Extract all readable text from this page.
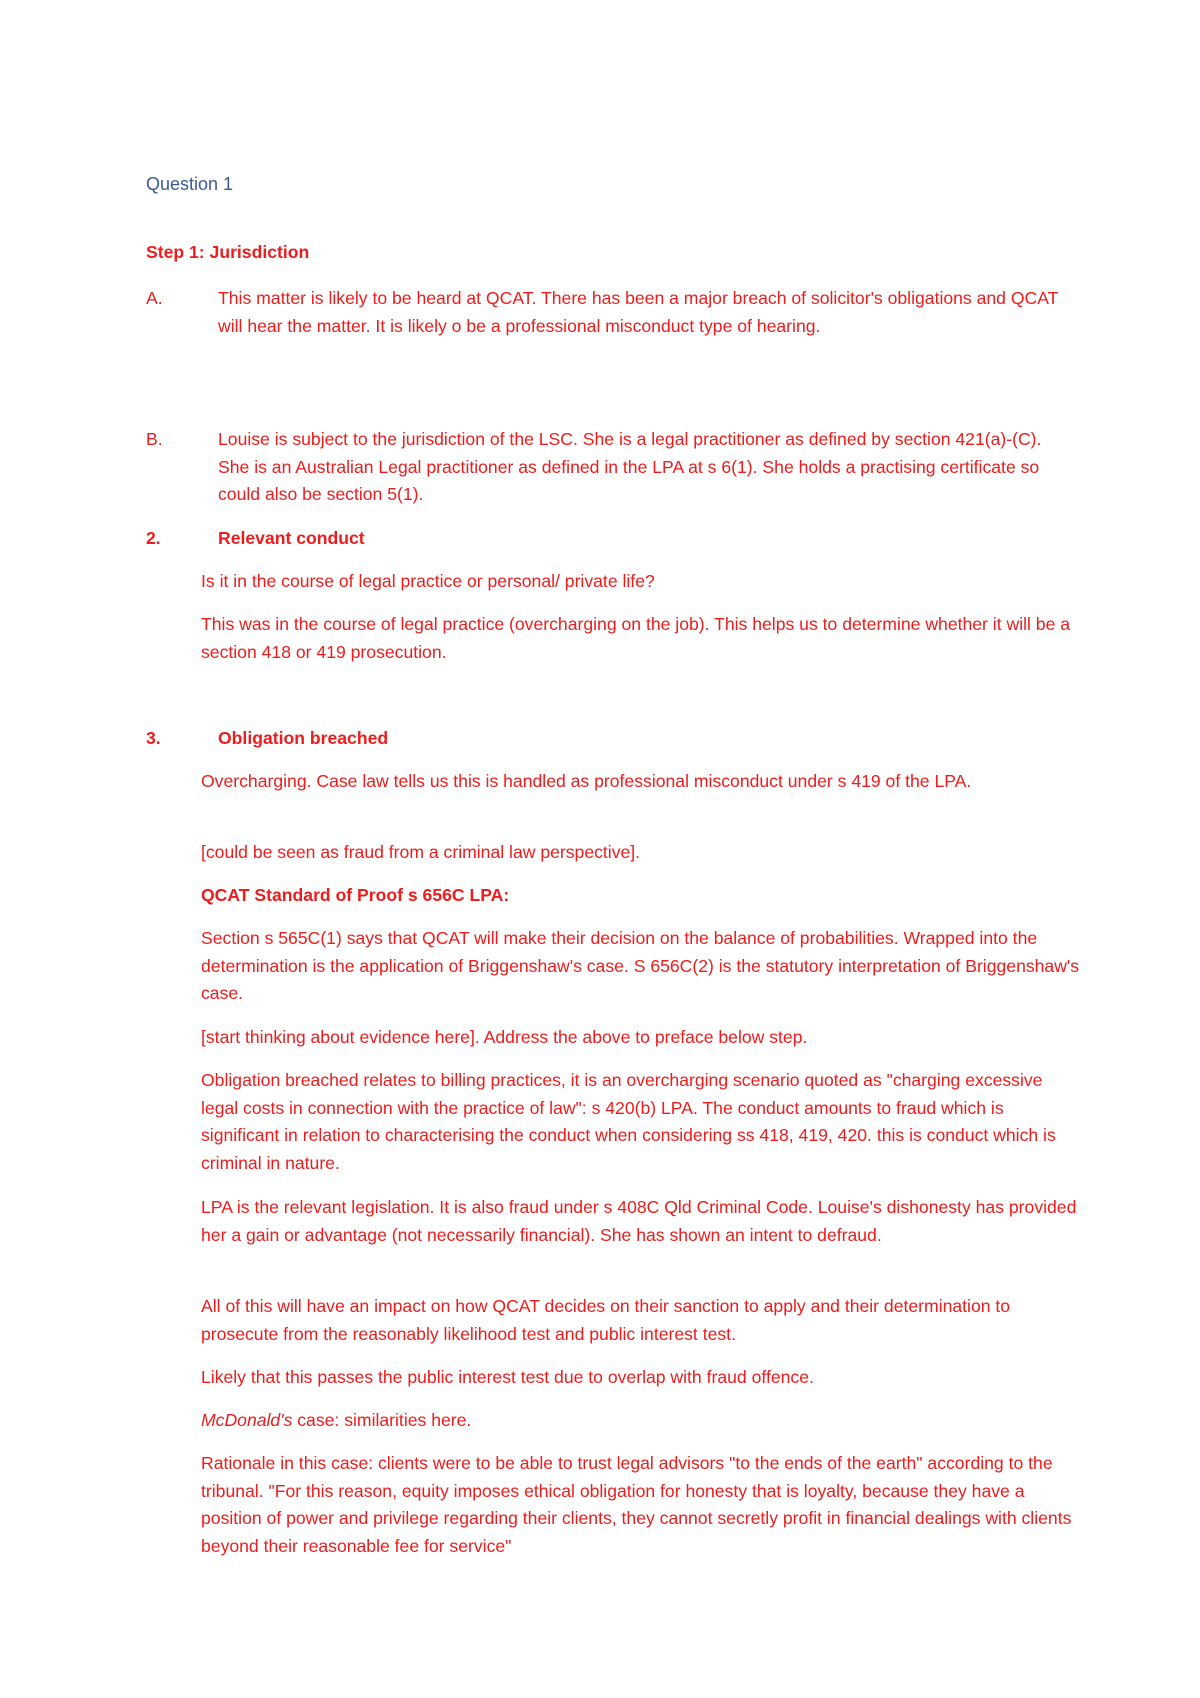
Question 1
Step 1: Jurisdiction
A.	This matter is likely to be heard at QCAT. There has been a major breach of solicitor's obligations and QCAT will hear the matter. It is likely o be a professional misconduct type of hearing.
B.	Louise is subject to the jurisdiction of the LSC. She is a legal practitioner as defined by section 421(a)-(C). She is an Australian Legal practitioner as defined in the LPA at s 6(1). She holds a practising certificate so could also be section 5(1).
2.	Relevant conduct

Is it in the course of legal practice or personal/ private life?

This was in the course of legal practice (overcharging on the job). This helps us to determine whether it will be a section 418 or 419 prosecution.

3.	Obligation breached

Overcharging. Case law tells us this is handled as professional misconduct under s 419 of the LPA.

[could be seen as fraud from a criminal law perspective].

QCAT Standard of Proof s 656C LPA:

Section s 565C(1) says that QCAT will make their decision on the balance of probabilities. Wrapped into the determination is the application of Briggenshaw's case. S 656C(2) is the statutory interpretation of Briggenshaw's case.

[start thinking about evidence here]. Address the above to preface below step.

Obligation breached relates to billing practices, it is an overcharging scenario quoted as "charging excessive legal costs in connection with the practice of law": s 420(b) LPA. The conduct amounts to fraud which is significant in relation to characterising the conduct when considering ss 418, 419, 420. this is conduct which is criminal in nature.

LPA is the relevant legislation. It is also fraud under s 408C Qld Criminal Code. Louise's dishonesty has provided her a gain or advantage (not necessarily financial). She has shown an intent to defraud.

All of this will have an impact on how QCAT decides on their sanction to apply and their determination to prosecute from the reasonably likelihood test and public interest test.

Likely that this passes the public interest test due to overlap with fraud offence.

McDonald's case: similarities here.

Rationale in this case: clients were to be able to trust legal advisors "to the ends of the earth" according to the tribunal. "For this reason, equity imposes ethical obligation for honesty that is loyalty, because they have a position of power and privilege regarding their clients, they cannot secretly profit in financial dealings with clients beyond their reasonable fee for service"
